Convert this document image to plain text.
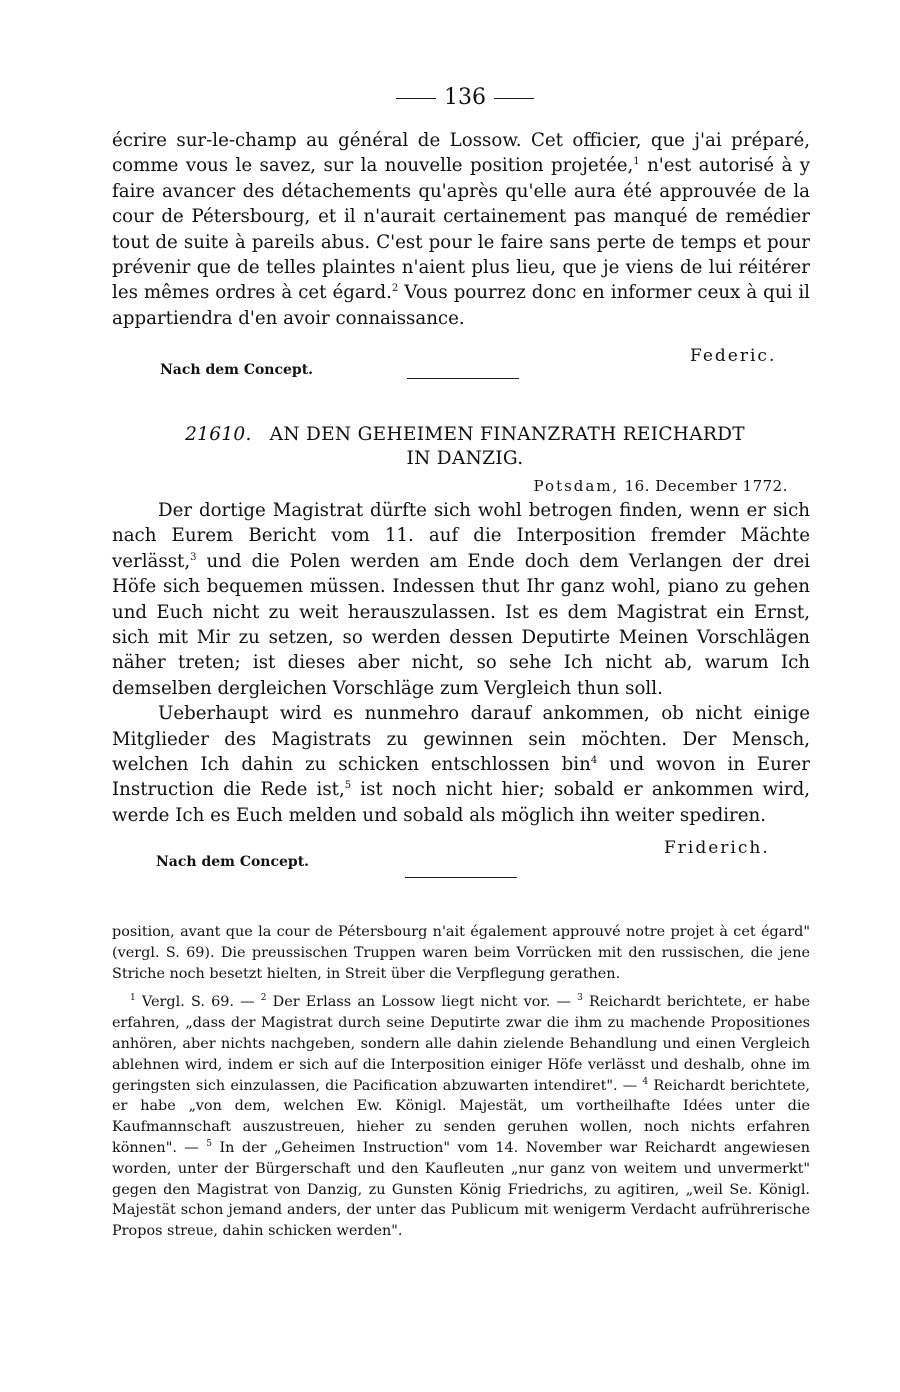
136

écrire sur-le-champ au général de Lossow. Cet officier, que j'ai préparé, comme vous le savez, sur la nouvelle position projetée,$^1$ n'est autorisé à y faire avancer des détachements qu'après qu'elle aura été approuvée de la cour de Pétersbourg, et il n'aurait certainement pas manqué de remédier tout de suite à pareils abus. C'est pour le faire sans perte de temps et pour prévenir que de telles plaintes n'aient plus lieu, que je viens de lui réitérer les mêmes ordres à cet égard.$^2$ Vous pourrez donc en informer ceux à qui il appartiendra d'en avoir connaissance.

Federic.
Nach dem Concept.
21610. AN DEN GEHEIMEN FINANZRATH REICHARDT
IN DANZIG.
Potsdam, 16. December 1772.

Der dortige Magistrat dürfte sich wohl betrogen finden, wenn er sich nach Eurem Bericht vom 11. auf die Interposition fremder Mächte verlässt,$^3$ und die Polen werden am Ende doch dem Verlangen der drei Höfe sich bequemen müssen. Indessen thut Ihr ganz wohl, piano zu gehen und Euch nicht zu weit herauszulassen. Ist es dem Magistrat ein Ernst, sich mit Mir zu setzen, so werden dessen Deputirte Meinen Vorschlägen näher treten; ist dieses aber nicht, so sehe Ich nicht ab, warum Ich demselben dergleichen Vorschläge zum Vergleich thun soll.

Ueberhaupt wird es nunmehro darauf ankommen, ob nicht einige Mitglieder des Magistrats zu gewinnen sein möchten. Der Mensch, welchen Ich dahin zu schicken entschlossen bin$^4$ und wovon in Eurer Instruction die Rede ist,$^5$ ist noch nicht hier; sobald er ankommen wird, werde Ich es Euch melden und sobald als möglich ihn weiter spediren.

Friderich.
Nach dem Concept.

position, avant que la cour de Pétersbourg n'ait également approuvé notre projet à cet égard" (vergl. S. 69). Die preussischen Truppen waren beim Vorrücken mit den russischen, die jene Striche noch besetzt hielten, in Streit über die Verpflegung gerathen.

$^1$ Vergl. S. 69. — $^2$ Der Erlass an Lossow liegt nicht vor. — $^3$ Reichardt berichtete, er habe erfahren, „dass der Magistrat durch seine Deputirte zwar die ihm zu machende Propositiones anhören, aber nichts nachgeben, sondern alle dahin zielende Behandlung und einen Vergleich ablehnen wird, indem er sich auf die Interposition einiger Höfe verlässt und deshalb, ohne im geringsten sich einzulassen, die Pacification abzuwarten intendiret". — $^4$ Reichardt berichtete, er habe „von dem, welchen Ew. Königl. Majestät, um vortheilhafte Idées unter die Kaufmannschaft auszustreuen, hieher zu senden geruhen wollen, noch nichts erfahren können". — $^5$ In der „Geheimen Instruction" vom 14. November war Reichardt angewiesen worden, unter der Bürgerschaft und den Kaufleuten „nur ganz von weitem und unvermerkt" gegen den Magistrat von Danzig, zu Gunsten König Friedrichs, zu agitiren, „weil Se. Königl. Majestät schon jemand anders, der unter das Publicum mit wenigerm Verdacht aufrührerische Propos streue, dahin schicken werden".
